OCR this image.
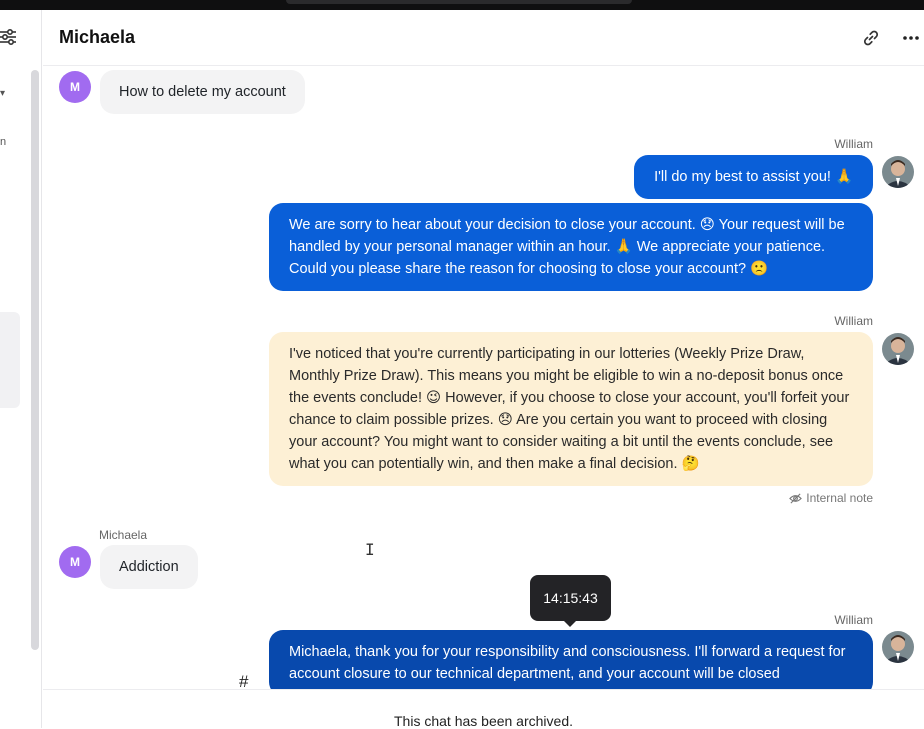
▾
n
Michaela
M	How to delete my account
William
I'll do my best to assist you! 🙏
We are sorry to hear about your decision to close your account. 😞 Your request will be handled by your personal manager within an hour. 🙏 We appreciate your patience. Could you please share the reason for choosing to close your account? 🙁
William
I've noticed that you're currently participating in our lotteries (Weekly Prize Draw, Monthly Prize Draw). This means you might be eligible to win a no-deposit bonus once the events conclude! 😉 However, if you choose to close your account, you'll forfeit your chance to claim possible prizes. 😞 Are you certain you want to proceed with closing your account? You might want to consider waiting a bit until the events conclude, see what you can potentially win, and then make a final decision. 🤔
Internal note
Michaela
M	Addiction
I
William
Michaela, thank you for your responsibility and consciousness. I'll forward a request for account closure to our technical department, and your account will be closed
14:15:43
#
This chat has been archived.
